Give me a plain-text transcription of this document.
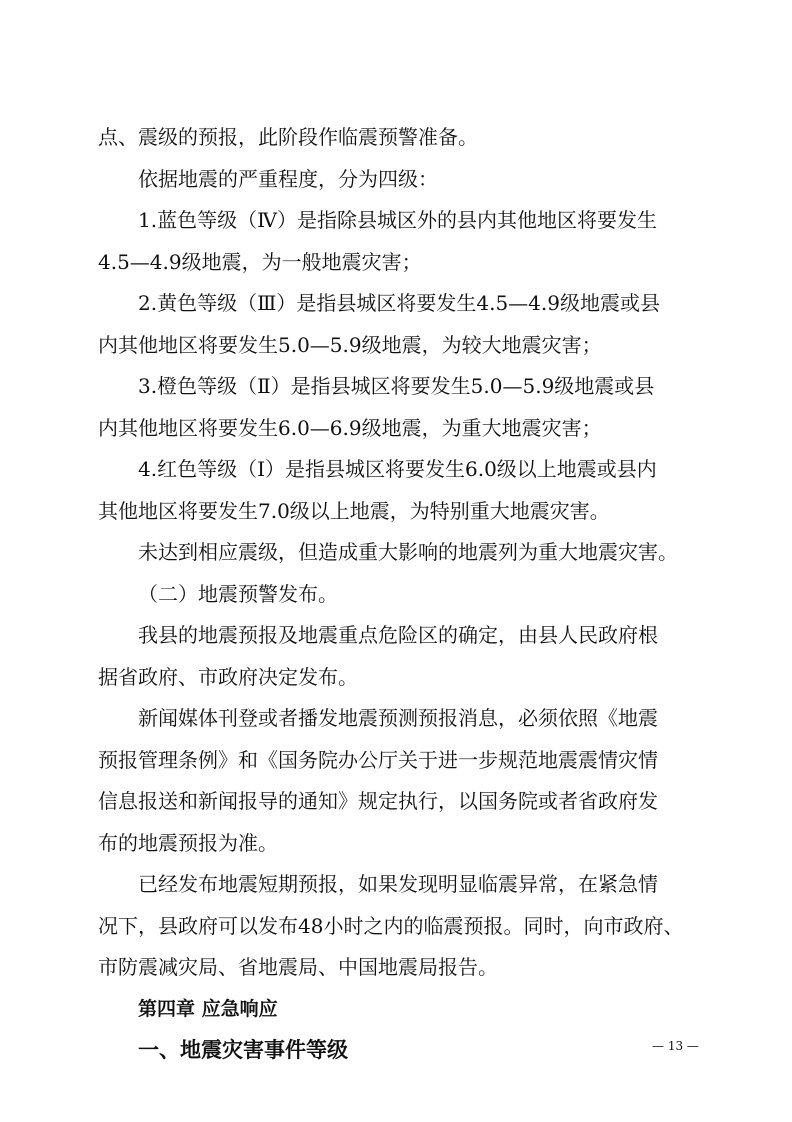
点、震级的预报，此阶段作临震预警准备。
依据地震的严重程度，分为四级：
1.蓝色等级（Ⅳ）是指除县城区外的县内其他地区将要发生
4.5—4.9级地震，为一般地震灾害；
2.黄色等级（Ⅲ）是指县城区将要发生4.5—4.9级地震或县
内其他地区将要发生5.0—5.9级地震，为较大地震灾害；
3.橙色等级（Ⅱ）是指县城区将要发生5.0—5.9级地震或县
内其他地区将要发生6.0—6.9级地震，为重大地震灾害；
4.红色等级（Ⅰ）是指县城区将要发生6.0级以上地震或县内
其他地区将要发生7.0级以上地震，为特别重大地震灾害。
未达到相应震级，但造成重大影响的地震列为重大地震灾害。
（二）地震预警发布。
我县的地震预报及地震重点危险区的确定，由县人民政府根
据省政府、市政府决定发布。
新闻媒体刊登或者播发地震预测预报消息，必须依照《地震
预报管理条例》和《国务院办公厅关于进一步规范地震震情灾情
信息报送和新闻报导的通知》规定执行，以国务院或者省政府发
布的地震预报为准。
已经发布地震短期预报，如果发现明显临震异常，在紧急情
况下，县政府可以发布48小时之内的临震预报。同时，向市政府、
市防震减灾局、省地震局、中国地震局报告。
第四章 应急响应
一、地震灾害事件等级	— 13 —
